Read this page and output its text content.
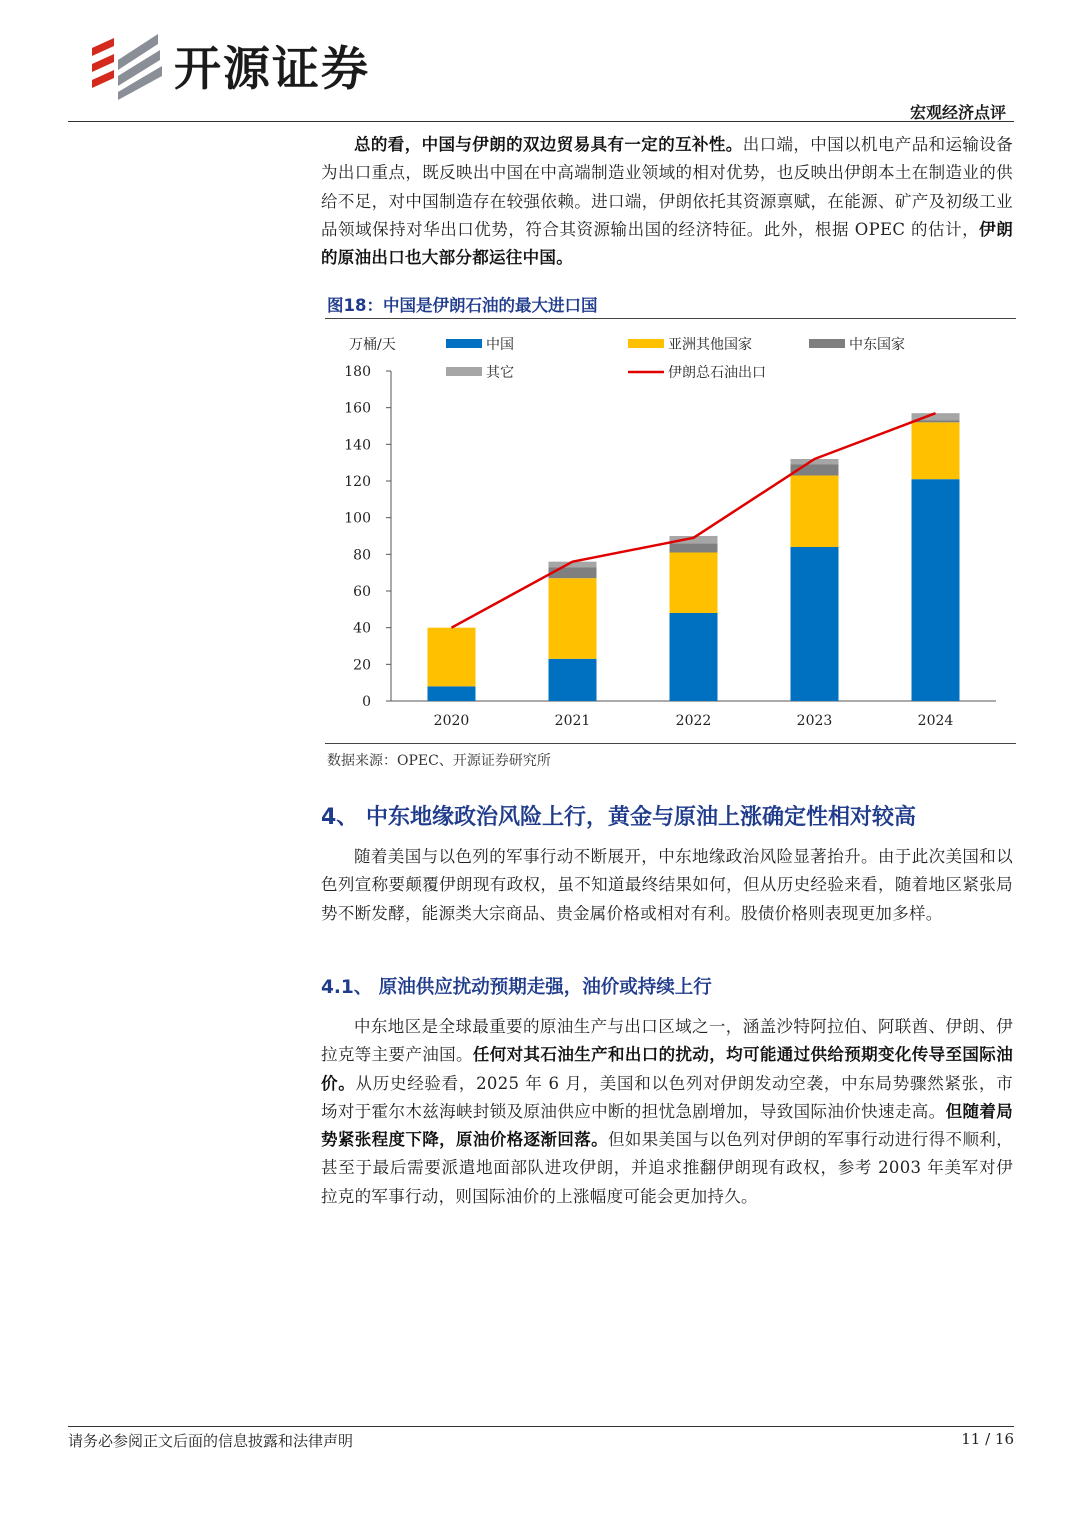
开源证券
宏观经济点评

总的看，中国与伊朗的双边贸易具有一定的互补性。出口端，中国以机电产品和运输设备为出口重点，既反映出中国在中高端制造业领域的相对优势，也反映出伊朗本土在制造业的供给不足，对中国制造存在较强依赖。进口端，伊朗依托其资源禀赋，在能源、矿产及初级工业品领域保持对华出口优势，符合其资源输出国的经济特征。此外，根据 OPEC 的估计，伊朗的原油出口也大部分都运往中国。

图18：中国是伊朗石油的最大进口国
0
20
40
60
80
100
120
140
160
180
万桶/天
2020	2021	2022	2023	2024
中国	亚洲其他国家	中东国家
其它	伊朗总石油出口
数据来源：OPEC、开源证券研究所
4、 中东地缘政治风险上行，黄金与原油上涨确定性相对较高

随着美国与以色列的军事行动不断展开，中东地缘政治风险显著抬升。由于此次美国和以色列宣称要颠覆伊朗现有政权，虽不知道最终结果如何，但从历史经验来看，随着地区紧张局势不断发酵，能源类大宗商品、贵金属价格或相对有利。股债价格则表现更加多样。

4.1、 原油供应扰动预期走强，油价或持续上行

中东地区是全球最重要的原油生产与出口区域之一，涵盖沙特阿拉伯、阿联酋、伊朗、伊拉克等主要产油国。任何对其石油生产和出口的扰动，均可能通过供给预期变化传导至国际油价。从历史经验看，2025 年 6 月，美国和以色列对伊朗发动空袭，中东局势骤然紧张，市场对于霍尔木兹海峡封锁及原油供应中断的担忧急剧增加，导致国际油价快速走高。但随着局势紧张程度下降，原油价格逐渐回落。但如果美国与以色列对伊朗的军事行动进行得不顺利，甚至于最后需要派遣地面部队进攻伊朗，并追求推翻伊朗现有政权，参考 2003 年美军对伊拉克的军事行动，则国际油价的上涨幅度可能会更加持久。

请务必参阅正文后面的信息披露和法律声明	11 / 16
